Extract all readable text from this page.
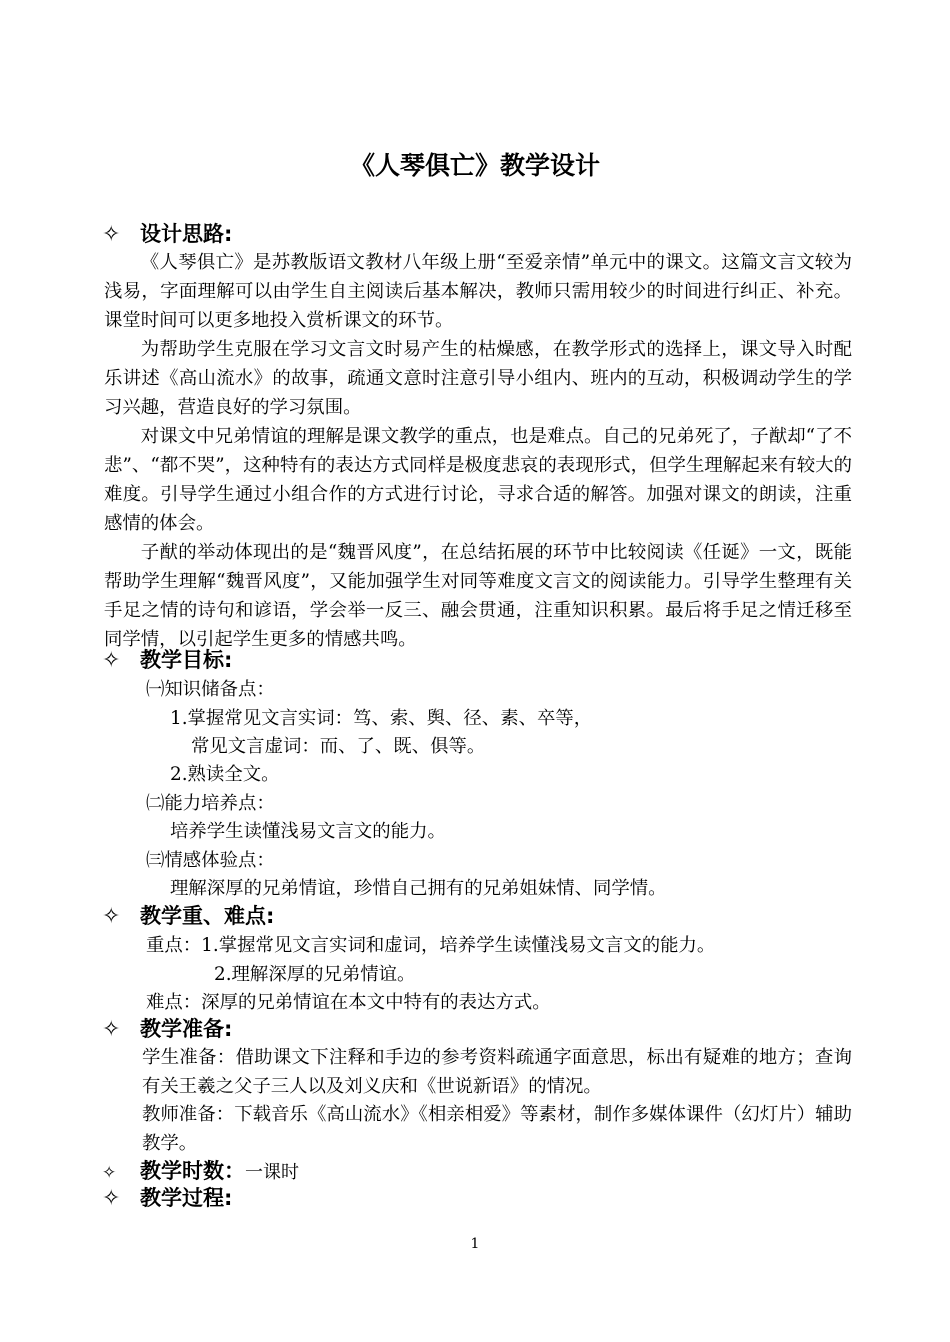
《人琴俱亡》教学设计
✧ 设计思路:

《人琴俱亡》是苏教版语文教材八年级上册“至爱亲情”单元中的课文。这篇文言文较为浅易，字面理解可以由学生自主阅读后基本解决，教师只需用较少的时间进行纠正、补充。课堂时间可以更多地投入赏析课文的环节。

为帮助学生克服在学习文言文时易产生的枯燥感，在教学形式的选择上，课文导入时配乐讲述《高山流水》的故事，疏通文意时注意引导小组内、班内的互动，积极调动学生的学习兴趣，营造良好的学习氛围。

对课文中兄弟情谊的理解是课文教学的重点，也是难点。自己的兄弟死了，子猷却“了不悲”、“都不哭”，这种特有的表达方式同样是极度悲哀的表现形式，但学生理解起来有较大的难度。引导学生通过小组合作的方式进行讨论，寻求合适的解答。加强对课文的朗读，注重感情的体会。

子猷的举动体现出的是“魏晋风度”，在总结拓展的环节中比较阅读《任诞》一文，既能帮助学生理解“魏晋风度”，又能加强学生对同等难度文言文的阅读能力。引导学生整理有关手足之情的诗句和谚语，学会举一反三、融会贯通，注重知识积累。最后将手足之情迁移至同学情，以引起学生更多的情感共鸣。

✧ 教学目标:
㈠知识储备点：
1.掌握常见文言实词：笃、索、舆、径、素、卒等，
常见文言虚词：而、了、既、俱等。
2.熟读全文。
㈡能力培养点：
培养学生读懂浅易文言文的能力。
㈢情感体验点：
理解深厚的兄弟情谊，珍惜自己拥有的兄弟姐妹情、同学情。
✧ 教学重、难点:
重点：1.掌握常见文言实词和虚词，培养学生读懂浅易文言文的能力。
2.理解深厚的兄弟情谊。
难点：深厚的兄弟情谊在本文中特有的表达方式。
✧ 教学准备:

学生准备：借助课文下注释和手边的参考资料疏通字面意思，标出有疑难的地方；查询有关王羲之父子三人以及刘义庆和《世说新语》的情况。

教师准备：下载音乐《高山流水》《相亲相爱》等素材，制作多媒体课件（幻灯片）辅助教学。

✧ 教学时数：一课时
✧ 教学过程:
1
